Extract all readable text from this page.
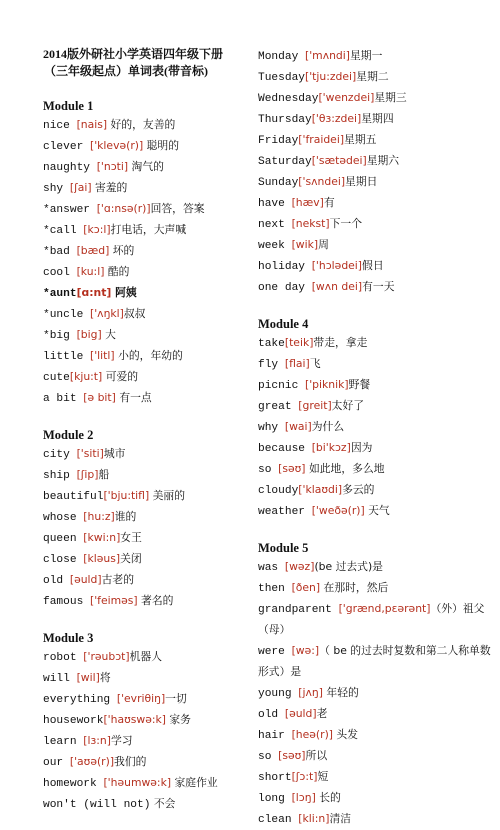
2014版外研社小学英语四年级下册
（三年级起点）单词表(带音标)
Module 1
nice [nais] 好的，友善的
clever ['klevə(r)] 聪明的
naughty ['nɔti] 淘气的
shy [ʃai] 害羞的
*answer ['ɑ:nsə(r)]回答，答案
*call [kɔ:l]打电话，大声喊
*bad [bæd] 坏的
cool [ku:l] 酷的
*aunt[ɑ:nt] 阿姨
*uncle ['ʌŋkl]叔叔
*big [big] 大
little ['litl] 小的，年幼的
cute[kju:t] 可爱的
a bit [ə bit] 有一点
Module 2
city ['siti]城市
ship [ʃip]船
beautiful['bju:tifl] 美丽的
whose [hu:z]谁的
queen [kwi:n]女王
close [kləus]关闭
old [əuld]古老的
famous ['feiməs] 著名的
Module 3
robot ['rəubɔt]机器人
will [wil]将
everything ['evriθiŋ]一切
housework['haʊswə:k] 家务
learn [lɜ:n]学习
our ['aʊə(r)]我们的
homework ['həumwə:k] 家庭作业
won't (will not) 不会
Monday ['mʌndi]星期一
Tuesday['tju:zdei]星期二
Wednesday['wenzdei]星期三
Thursday['θɜ:zdei]星期四
Friday['fraidei]星期五
Saturday['sætədei]星期六
Sunday['sʌndei]星期日
have [hæv]有
next [nekst]下一个
week [wik]周
holiday ['hɔlədei]假日
one day [wʌn dei]有一天
Module 4
take[teik]带走，拿走
fly [flai]飞
picnic ['piknik]野餐
great [greit]太好了
why [wai]为什么
because [bi'kɔz]因为
so [səʊ] 如此地，多么地
cloudy['klaʊdi]多云的
weather ['weðə(r)] 天气
Module 5
was [wəz](be 过去式)是
then [ðen] 在那时，然后
grandparent ['grænd,pɛərənt]（外）祖父（母）
were [wə:]（ be 的过去时复数和第二人称单数形式）是
young [jʌŋ] 年轻的
old [əuld]老
hair [heə(r)] 头发
so [səʊ]所以
short[ʃɔ:t]短
long [lɔŋ] 长的
clean [kli:n]清洁
